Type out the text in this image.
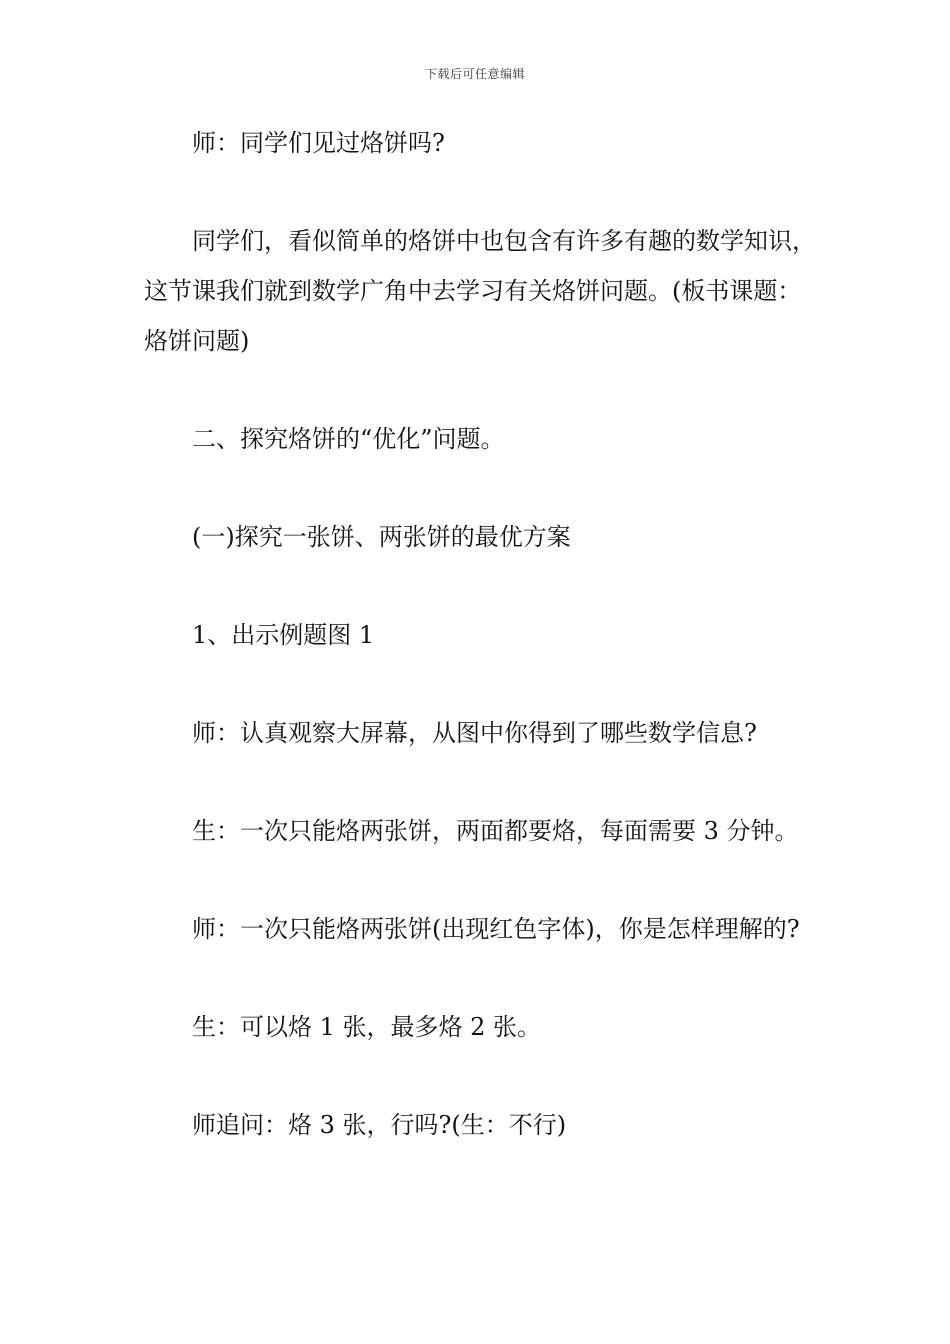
下载后可任意编辑

师：同学们见过烙饼吗?

同学们，看似简单的烙饼中也包含有许多有趣的数学知识，这节课我们就到数学广角中去学习有关烙饼问题。(板书课题：烙饼问题)

二、探究烙饼的“优化”问题。

(一)探究一张饼、两张饼的最优方案

1、出示例题图 1

师：认真观察大屏幕，从图中你得到了哪些数学信息?

生：一次只能烙两张饼，两面都要烙，每面需要 3 分钟。

师：一次只能烙两张饼(出现红色字体)，你是怎样理解的?

生：可以烙 1 张，最多烙 2 张。

师追问：烙 3 张，行吗?(生：不行)
